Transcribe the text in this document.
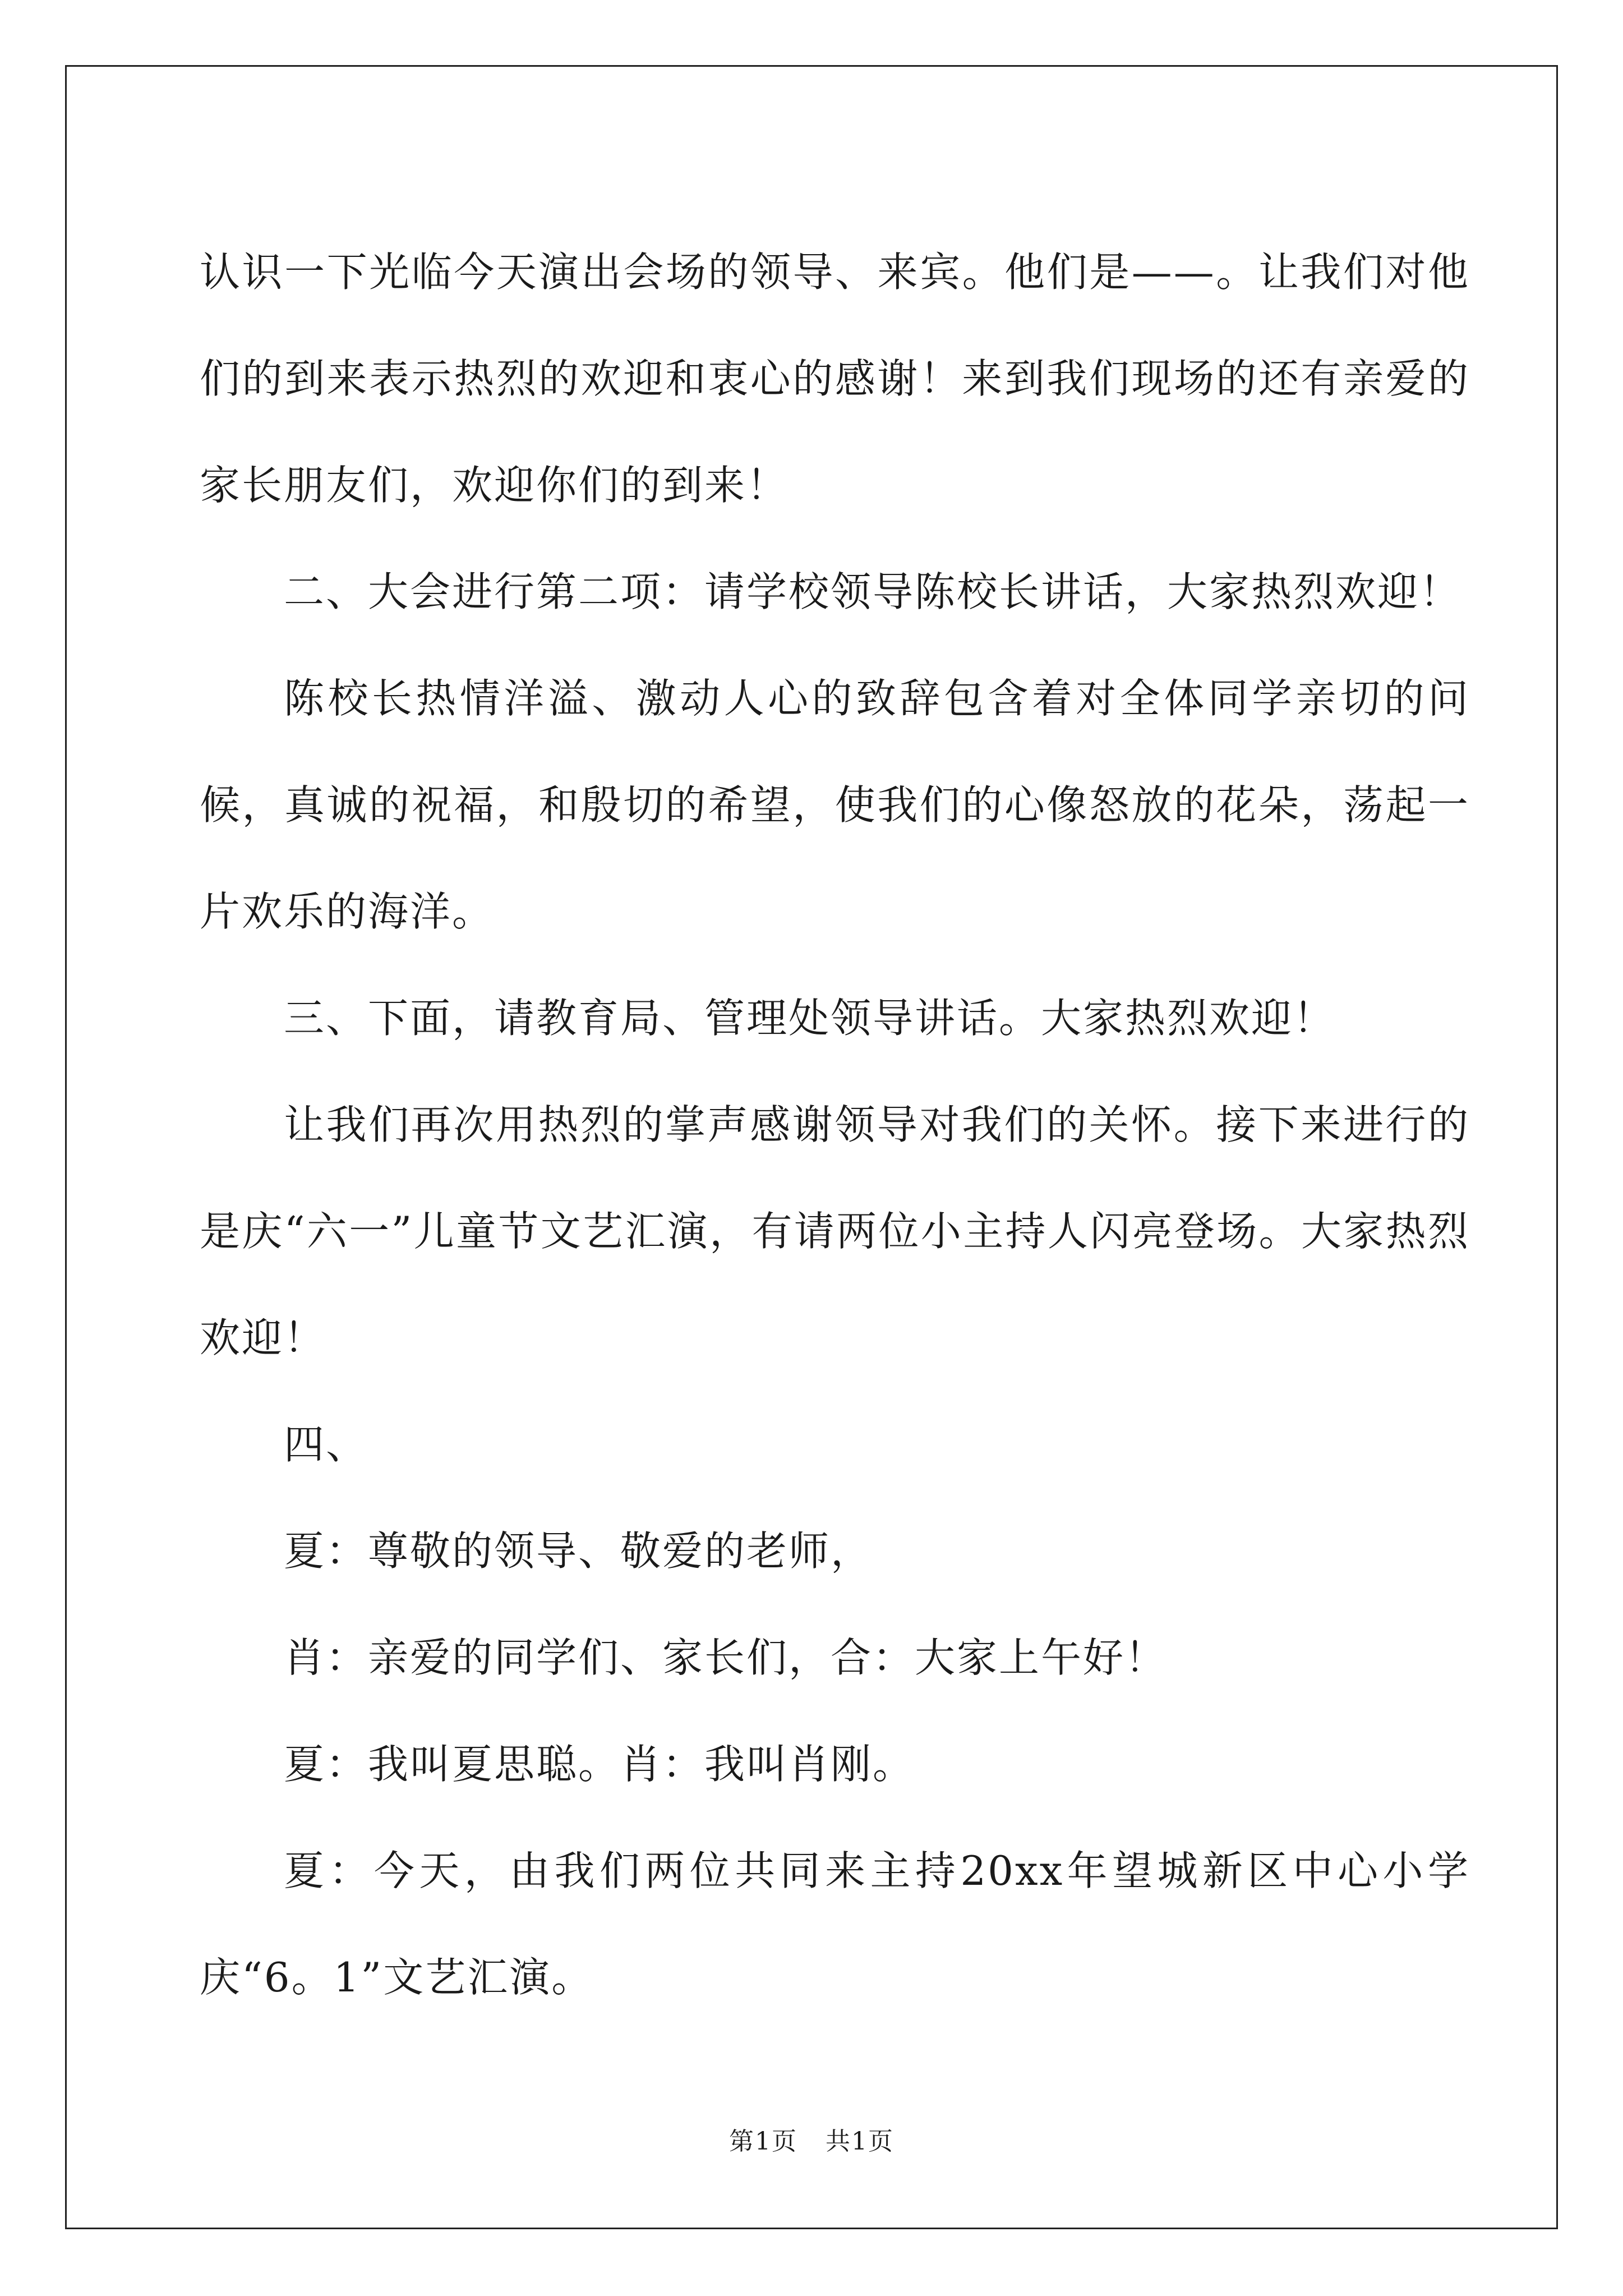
认识一下光临今天演出会场的领导、来宾。他们是——。让我们对他们的到来表示热烈的欢迎和衷心的感谢！来到我们现场的还有亲爱的家长朋友们，欢迎你们的到来！

二、大会进行第二项：请学校领导陈校长讲话，大家热烈欢迎！

陈校长热情洋溢、激动人心的致辞包含着对全体同学亲切的问候，真诚的祝福，和殷切的希望，使我们的心像怒放的花朵，荡起一片欢乐的海洋。

三、下面，请教育局、管理处领导讲话。大家热烈欢迎！

让我们再次用热烈的掌声感谢领导对我们的关怀。接下来进行的是庆“六一”儿童节文艺汇演，有请两位小主持人闪亮登场。大家热烈欢迎！

四、

夏：尊敬的领导、敬爱的老师，

肖：亲爱的同学们、家长们，合：大家上午好！

夏：我叫夏思聪。肖：我叫肖刚。

夏：今天，由我们两位共同来主持20xx年望城新区中心小学庆“6。1”文艺汇演。

第1页 共1页
